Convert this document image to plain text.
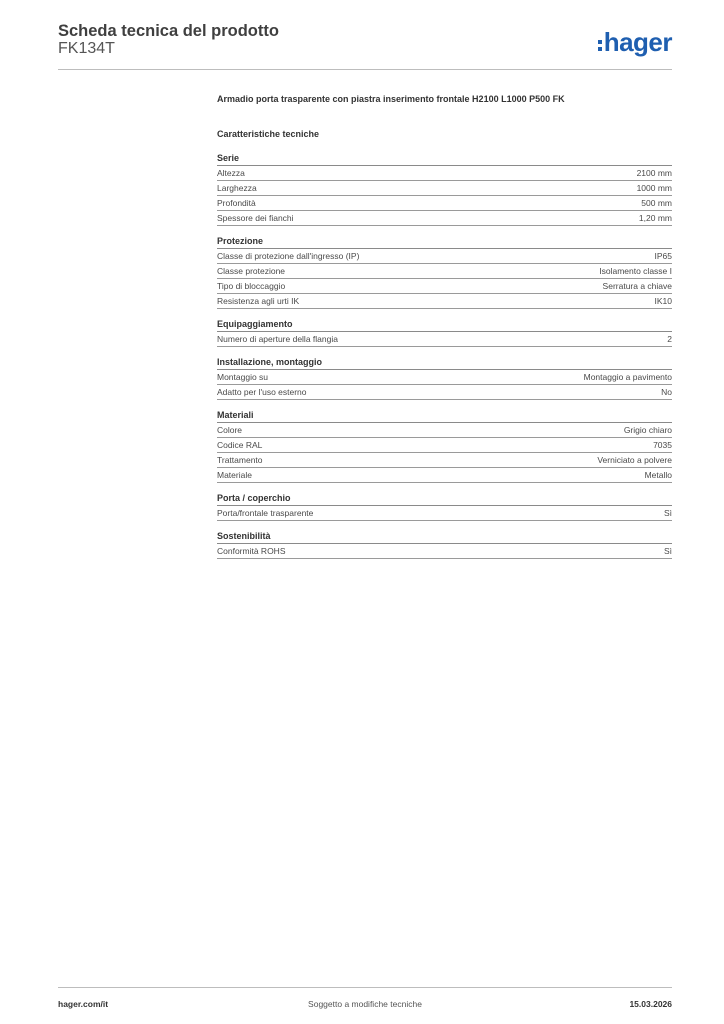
Scheda tecnica del prodotto
FK134T	hager
Armadio porta trasparente con piastra inserimento frontale H2100 L1000 P500 FK
Caratteristiche tecniche
Serie
Altezza	2100 mm
Larghezza	1000 mm
Profondità	500 mm
Spessore dei fianchi	1,20 mm
Protezione
Classe di protezione dall'ingresso (IP)	IP65
Classe protezione	Isolamento classe I
Tipo di bloccaggio	Serratura a chiave
Resistenza agli urti IK	IK10
Equipaggiamento
Numero di aperture della flangia	2
Installazione, montaggio
Montaggio su	Montaggio a pavimento
Adatto per l'uso esterno	No
Materiali
Colore	Grigio chiaro
Codice RAL	7035
Trattamento	Verniciato a polvere
Materiale	Metallo
Porta / coperchio
Porta/frontale trasparente	Sì
Sostenibilità
Conformità ROHS	Sì
Soggetto a modifiche tecniche
hager.com/it	15.03.2026
